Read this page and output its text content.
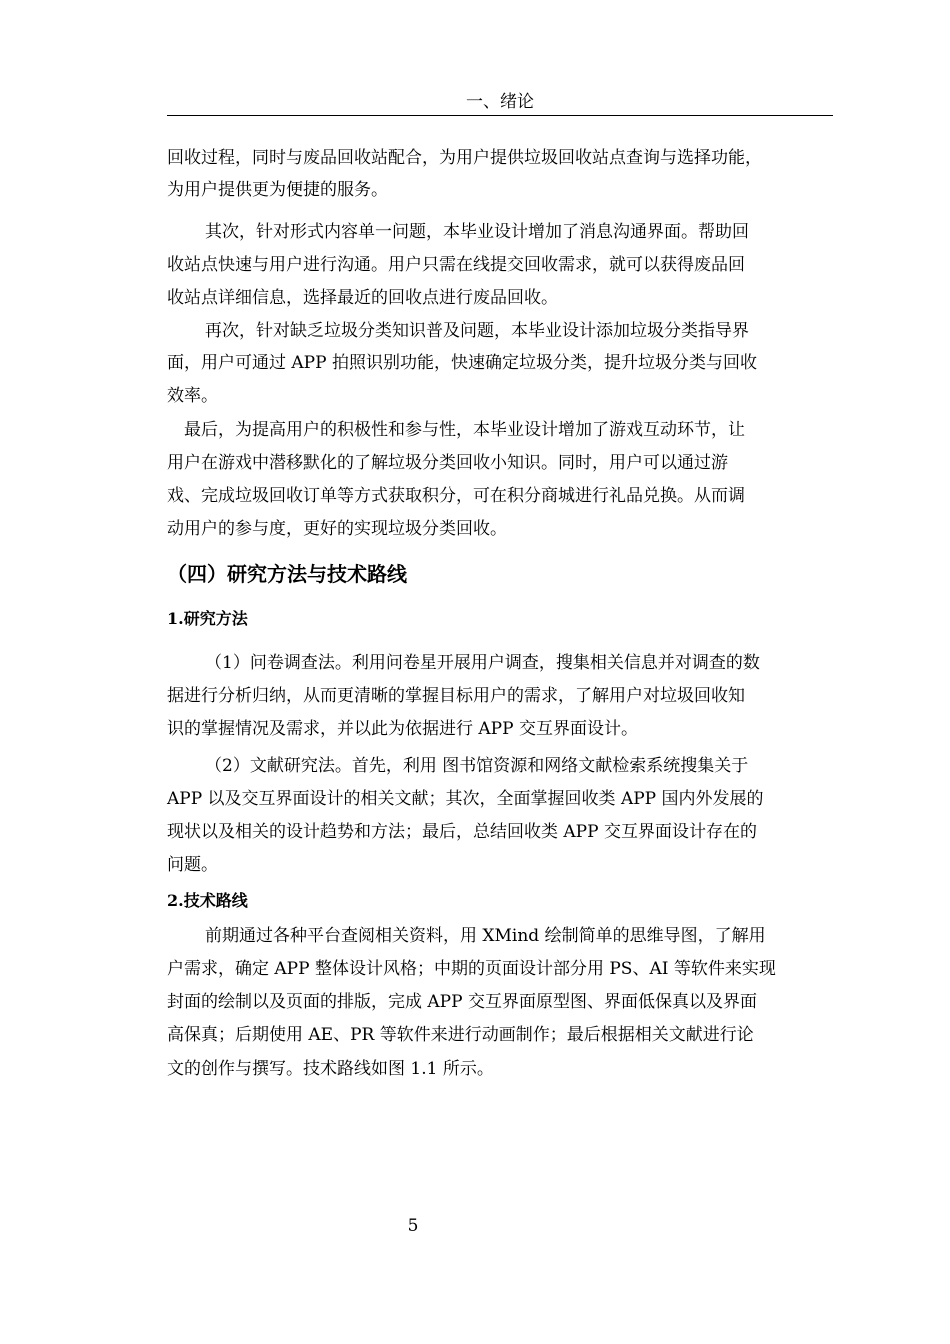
一、绪论
回收过程，同时与废品回收站配合，为用户提供垃圾回收站点查询与选择功能，
为用户提供更为便捷的服务。
其次，针对形式内容单一问题，本毕业设计增加了消息沟通界面。帮助回
收站点快速与用户进行沟通。用户只需在线提交回收需求，就可以获得废品回
收站点详细信息，选择最近的回收点进行废品回收。
再次，针对缺乏垃圾分类知识普及问题，本毕业设计添加垃圾分类指导界
面，用户可通过 APP 拍照识别功能，快速确定垃圾分类，提升垃圾分类与回收
效率。
最后，为提高用户的积极性和参与性，本毕业设计增加了游戏互动环节，让
用户在游戏中潜移默化的了解垃圾分类回收小知识。同时，用户可以通过游
戏、完成垃圾回收订单等方式获取积分，可在积分商城进行礼品兑换。从而调
动用户的参与度，更好的实现垃圾分类回收。
（四）研究方法与技术路线
1.研究方法
（1）问卷调查法。利用问卷星开展用户调查，搜集相关信息并对调查的数
据进行分析归纳，从而更清晰的掌握目标用户的需求，了解用户对垃圾回收知
识的掌握情况及需求，并以此为依据进行 APP 交互界面设计。
（2）文献研究法。首先，利用 图书馆资源和网络文献检索系统搜集关于
APP 以及交互界面设计的相关文献；其次，全面掌握回收类 APP 国内外发展的
现状以及相关的设计趋势和方法；最后，总结回收类 APP 交互界面设计存在的
问题。
2.技术路线
前期通过各种平台查阅相关资料，用 XMind 绘制简单的思维导图，了解用
户需求，确定 APP 整体设计风格；中期的页面设计部分用 PS、AI 等软件来实现
封面的绘制以及页面的排版，完成 APP 交互界面原型图、界面低保真以及界面
高保真；后期使用 AE、PR 等软件来进行动画制作；最后根据相关文献进行论
文的创作与撰写。技术路线如图 1.1 所示。
5
